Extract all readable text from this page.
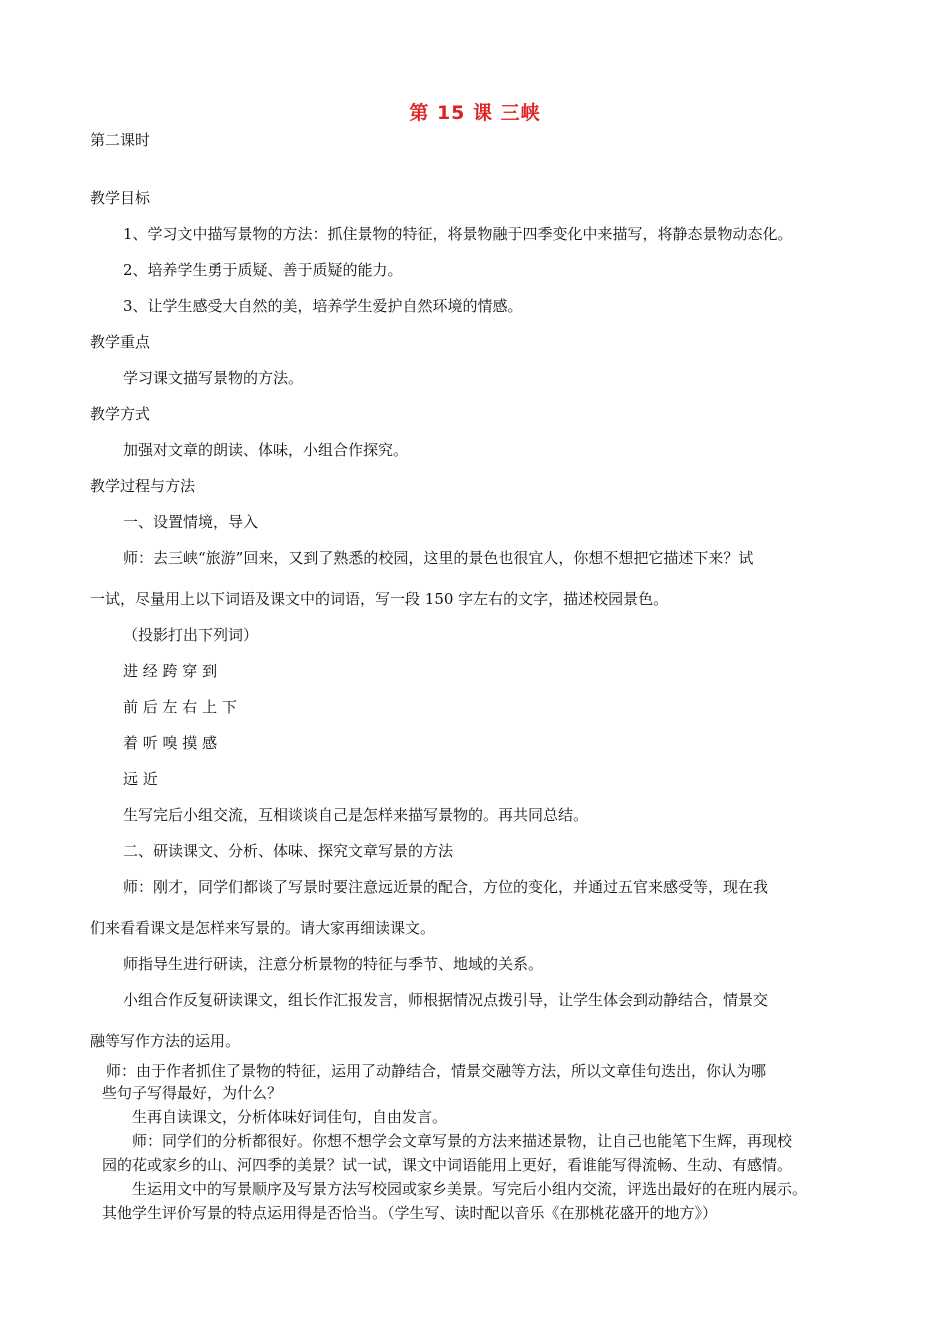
第 15 课 三峡
第二课时
教学目标
1、学习文中描写景物的方法：抓住景物的特征，将景物融于四季变化中来描写，将静态景物动态化。
2、培养学生勇于质疑、善于质疑的能力。
3、让学生感受大自然的美，培养学生爱护自然环境的情感。
教学重点
学习课文描写景物的方法。
教学方式
加强对文章的朗读、体味，小组合作探究。
教学过程与方法
一、设置情境，导入
师：去三峡“旅游”回来，又到了熟悉的校园，这里的景色也很宜人，你想不想把它描述下来？试
一试，尽量用上以下词语及课文中的词语，写一段 150 字左右的文字，描述校园景色。
（投影打出下列词）
进 经 跨 穿 到
前 后 左 右 上 下
着 听 嗅 摸 感
远 近
生写完后小组交流，互相谈谈自己是怎样来描写景物的。再共同总结。
二、研读课文、分析、体味、探究文章写景的方法
师：刚才，同学们都谈了写景时要注意远近景的配合，方位的变化，并通过五官来感受等，现在我
们来看看课文是怎样来写景的。请大家再细读课文。
师指导生进行研读，注意分析景物的特征与季节、地域的关系。
小组合作反复研读课文，组长作汇报发言，师根据情况点拨引导，让学生体会到动静结合，情景交
融等写作方法的运用。
师：由于作者抓住了景物的特征，运用了动静结合，情景交融等方法，所以文章佳句迭出，你认为哪
些句子写得最好，为什么？
生再自读课文，分析体味好词佳句，自由发言。
师：同学们的分析都很好。你想不想学会文章写景的方法来描述景物，让自己也能笔下生辉，再现校
园的花或家乡的山、河四季的美景？试一试，课文中词语能用上更好，看谁能写得流畅、生动、有感情。
生运用文中的写景顺序及写景方法写校园或家乡美景。写完后小组内交流，评选出最好的在班内展示。
其他学生评价写景的特点运用得是否恰当。（学生写、读时配以音乐《在那桃花盛开的地方》）
